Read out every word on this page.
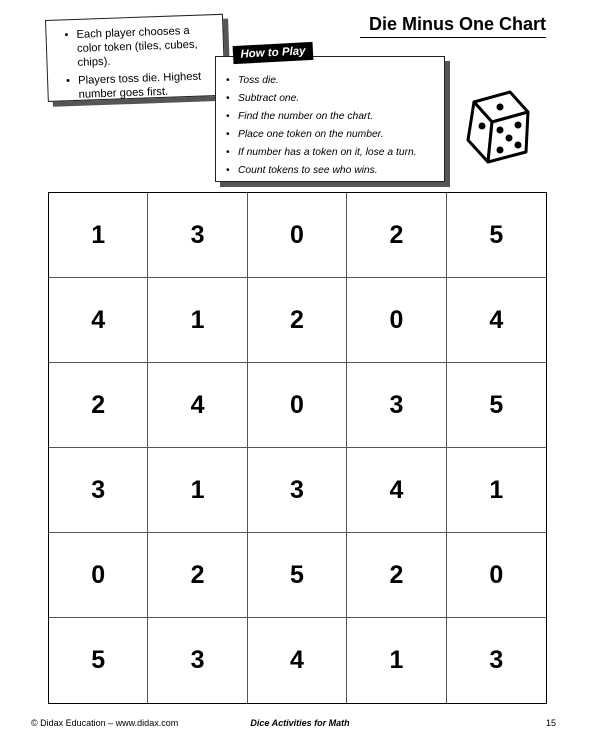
• Each player chooses a color token (tiles, cubes, chips).
• Players toss die. Highest number goes first.
Die Minus One Chart
How to Play
• Toss die.
• Subtract one.
• Find the number on the chart.
• Place one token on the number.
• If number has a token on it, lose a turn.
• Count tokens to see who wins.
1	3	0	2	5
4	1	2	0	4
2	4	0	3	5
3	1	3	4	1
0	2	5	2	0
5	3	4	1	3
© Didax Education – www.didax.com	Dice Activities for Math	15
